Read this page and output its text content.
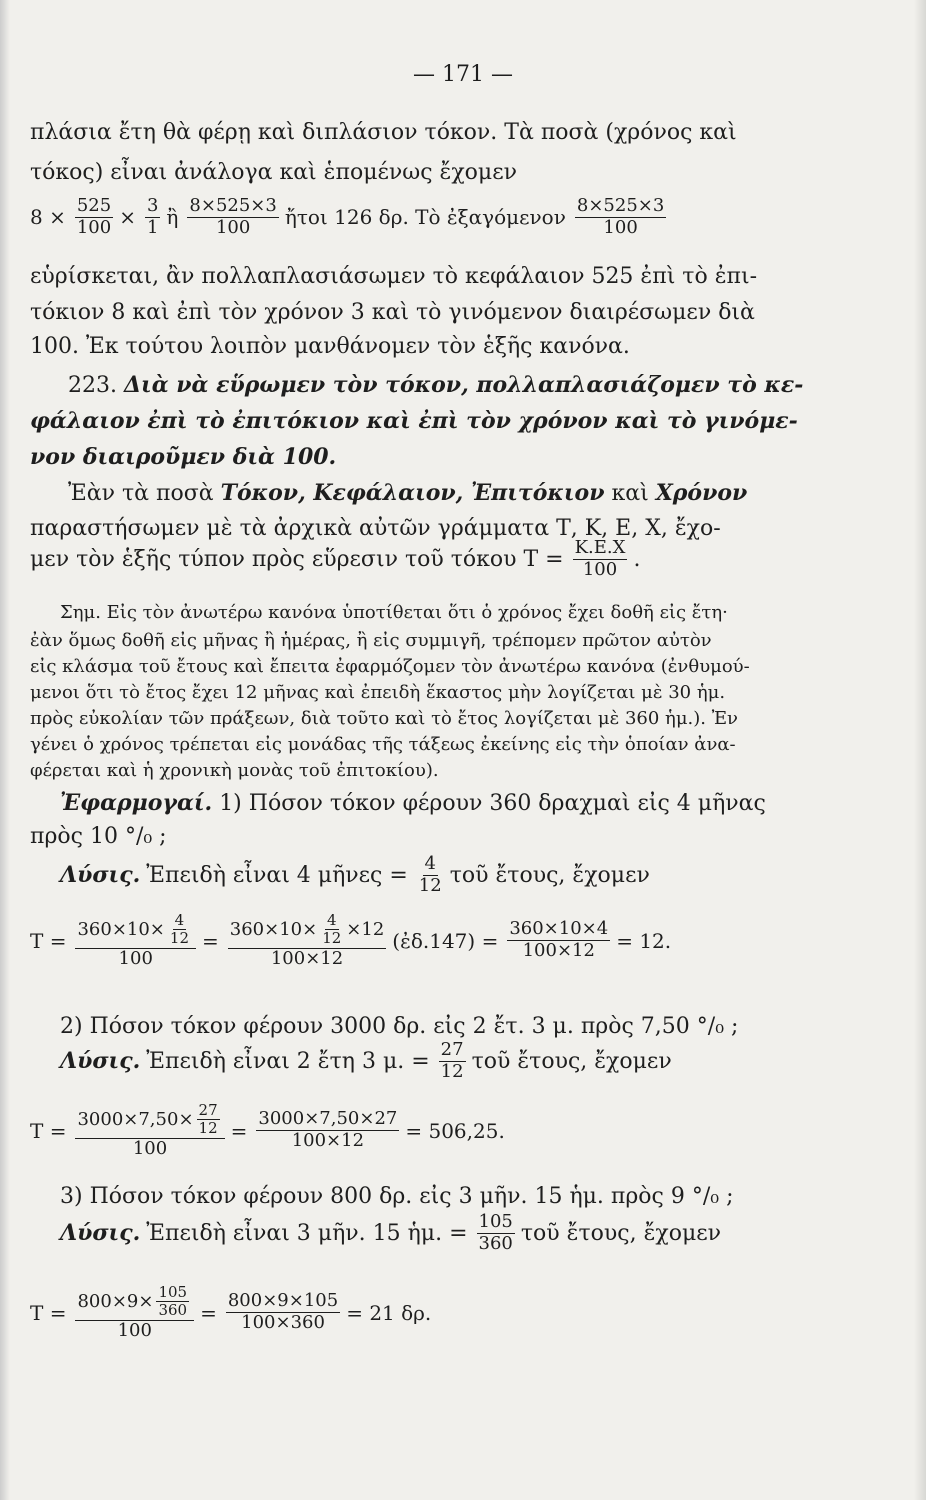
— 171 —
πλάσια ἔτη θὰ φέρῃ καὶ διπλάσιον τόκον. Τὰ ποσὰ (χρόνος καὶ
τόκος) εἶναι ἀνάλογα καὶ ἑπομένως ἔχομεν
$8 \times \frac{525}{100} \times \frac{3}{1}$ ἢ $\frac{8\times 525\times 3}{100}$ ἤτοι 126 δρ. Τὸ ἐξαγόμενον $\frac{8\times 525\times 3}{100}$
εὑρίσκεται, ἂν πολλαπλασιάσωμεν τὸ κεφάλαιον 525 ἐπὶ τὸ ἐπι-
τόκιον 8 καὶ ἐπὶ τὸν χρόνον 3 καὶ τὸ γινόμενον διαιρέσωμεν διὰ
100. Ἐκ τούτου λοιπὸν μανθάνομεν τὸν ἑξῆς κανόνα.
223. Διὰ νὰ εὕρωμεν τὸν τόκον, πολλαπλασιάζομεν τὸ κε-
φάλαιον ἐπὶ τὸ ἐπιτόκιον καὶ ἐπὶ τὸν χρόνον καὶ τὸ γινόμε-
νον διαιροῦμεν διὰ 100.
Ἐὰν τὰ ποσὰ Τόκον, Κεφάλαιον, Ἐπιτόκιον καὶ Χρόνον
παραστήσωμεν μὲ τὰ ἀρχικὰ αὐτῶν γράμματα Τ, Κ, Ε, Χ, ἔχο-
μεν τὸν ἑξῆς τύπον πρὸς εὕρεσιν τοῦ τόκου $T = \frac{K.E.X}{100}$ .
Σημ. Εἰς τὸν ἀνωτέρω κανόνα ὑποτίθεται ὅτι ὁ χρόνος ἔχει δοθῆ εἰς ἔτη·
ἐὰν ὅμως δοθῆ εἰς μῆνας ἢ ἡμέρας, ἢ εἰς συμμιγῆ, τρέπομεν πρῶτον αὐτὸν
εἰς κλάσμα τοῦ ἔτους καὶ ἔπειτα ἐφαρμόζομεν τὸν ἀνωτέρω κανόνα (ἐνθυμού-
μενοι ὅτι τὸ ἔτος ἔχει 12 μῆνας καὶ ἐπειδὴ ἕκαστος μὴν λογίζεται μὲ 30 ἡμ.
πρὸς εὐκολίαν τῶν πράξεων, διὰ τοῦτο καὶ τὸ ἔτος λογίζεται μὲ 360 ἡμ.). Ἐν
γένει ὁ χρόνος τρέπεται εἰς μονάδας τῆς τάξεως ἐκείνης εἰς τὴν ὁποίαν ἀνα-
φέρεται καὶ ἡ χρονικὴ μονὰς τοῦ ἐπιτοκίου).
Ἐφαρμογαί. 1) Πόσον τόκον φέρουν 360 δραχμαὶ εἰς 4 μῆνας
πρὸς 10 °/₀ ;
Λύσις. Ἐπειδὴ εἶναι 4 μῆνες = $\frac{4}{12}$ τοῦ ἔτους, ἔχομεν
$T = \frac{360\times 10\times \frac{4}{12}}{100} = \frac{360\times 10\times \frac{4}{12} \times 12}{100\times 12}$ (ἐδ.147) = $\frac{360\times 10\times 4}{100\times 12} = 12$.
2) Πόσον τόκον φέρουν 3000 δρ. εἰς 2 ἔτ. 3 μ. πρὸς 7,50 °/₀ ;
Λύσις. Ἐπειδὴ εἶναι 2 ἔτη 3 μ. = $\frac{27}{12}$ τοῦ ἔτους, ἔχομεν
$T = \frac{3000\times 7,50\times \frac{27}{12}}{100} = \frac{3000\times 7,50\times 27}{100\times 12} = 506,25$.
3) Πόσον τόκον φέρουν 800 δρ. εἰς 3 μῆν. 15 ἡμ. πρὸς 9 °/₀ ;
Λύσις. Ἐπειδὴ εἶναι 3 μῆν. 15 ἡμ. = $\frac{105}{360}$ τοῦ ἔτους, ἔχομεν
$T = \frac{800\times 9\times \frac{105}{360}}{100} = \frac{800\times 9\times 105}{100\times 360} = 21$ δρ.
